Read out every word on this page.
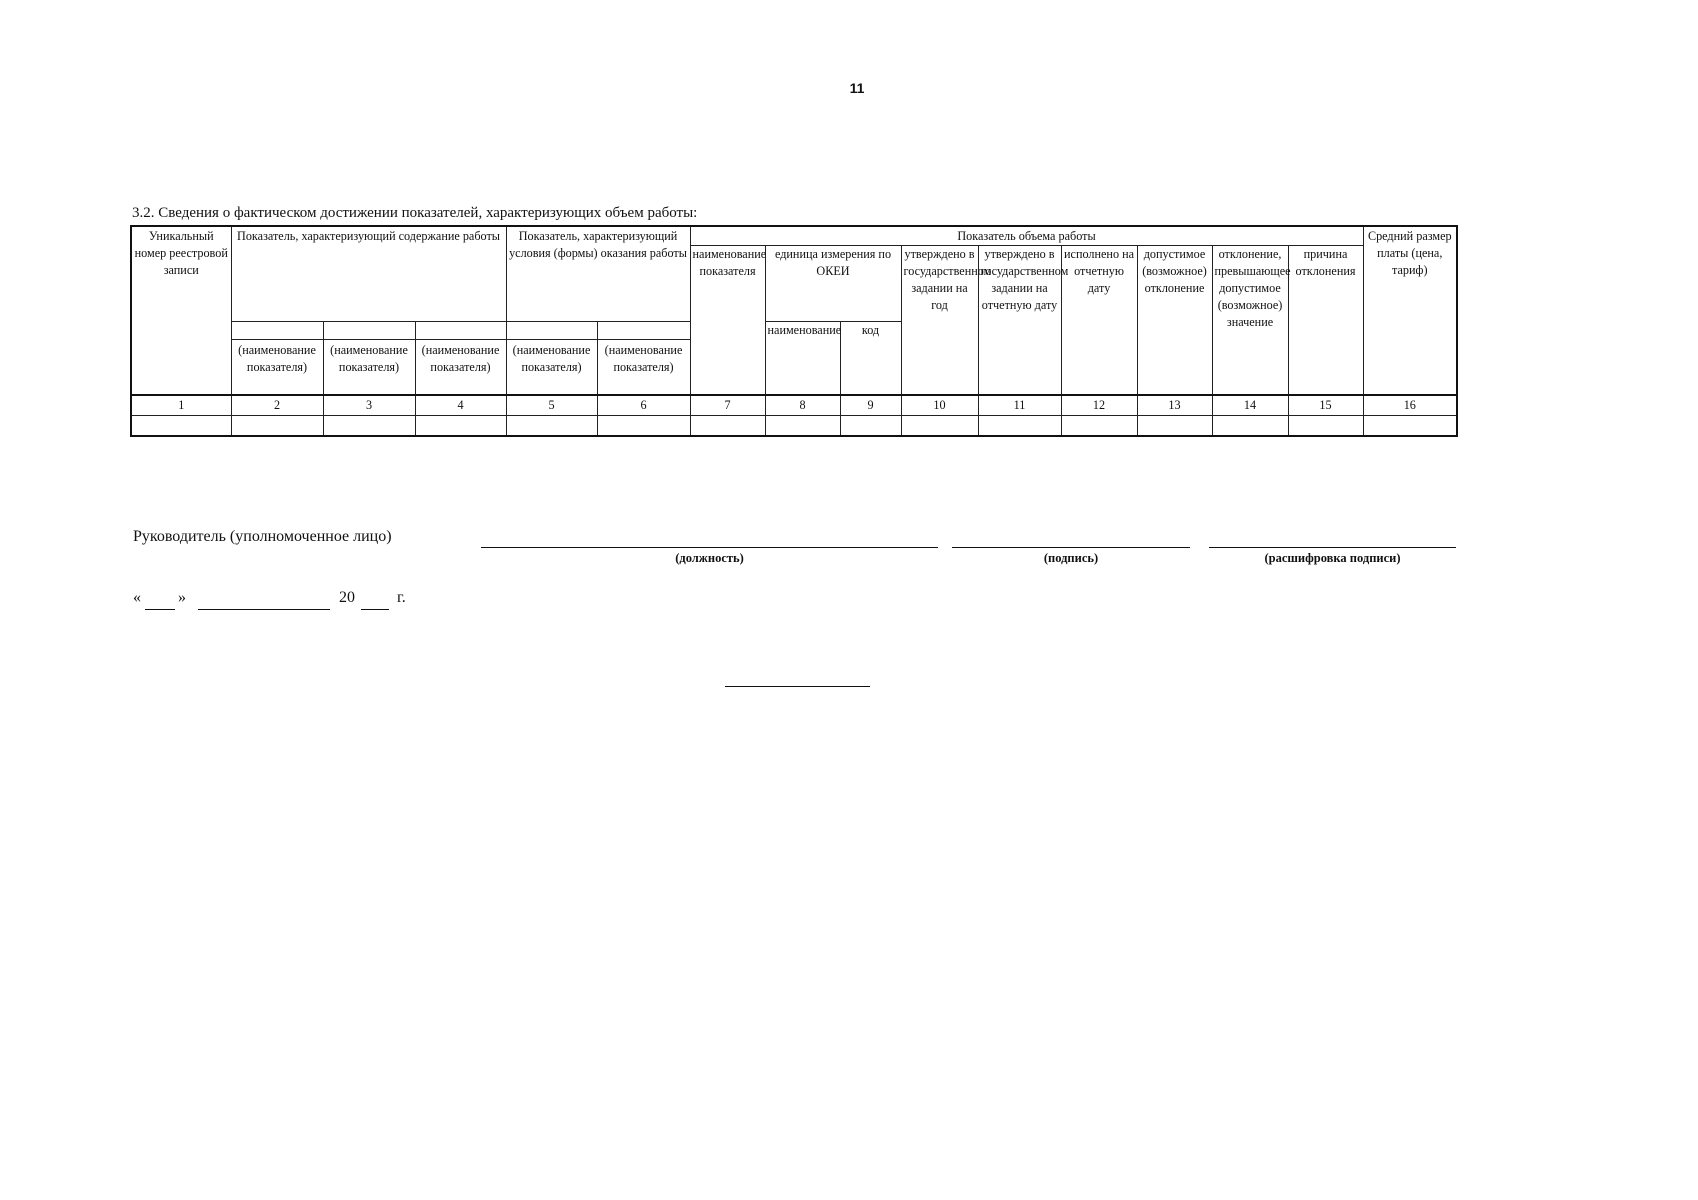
11
3.2. Сведения о фактическом достижении показателей, характеризующих объем работы:
Уникальный номер реестровой записи	Показатель, характеризующий содержание работы			Показатель, характеризующий условия (формы) оказания работы		Показатель объема работы									Средний размер платы (цена, тариф)
						наименование показателя	единица измерения по ОКЕИ		утверждено в государственном задании на год	утверждено в государственном задании на отчетную дату	исполнено на отчетную дату	допустимое (возможное) отклонение	отклонение, превышающее допустимое (возможное) значение	причина отклонения	

							наименование	код							
	(наименование показателя)	(наименование показателя)	(наименование показателя)	(наименование показателя)	(наименование показателя)										

1	2	3	4	5	6	7	8	9	10	11	12	13	14	15	16

Руководитель (уполномоченное лицо)
(должность)	(подпись)	(расшифровка подписи)
« »	20	г.
